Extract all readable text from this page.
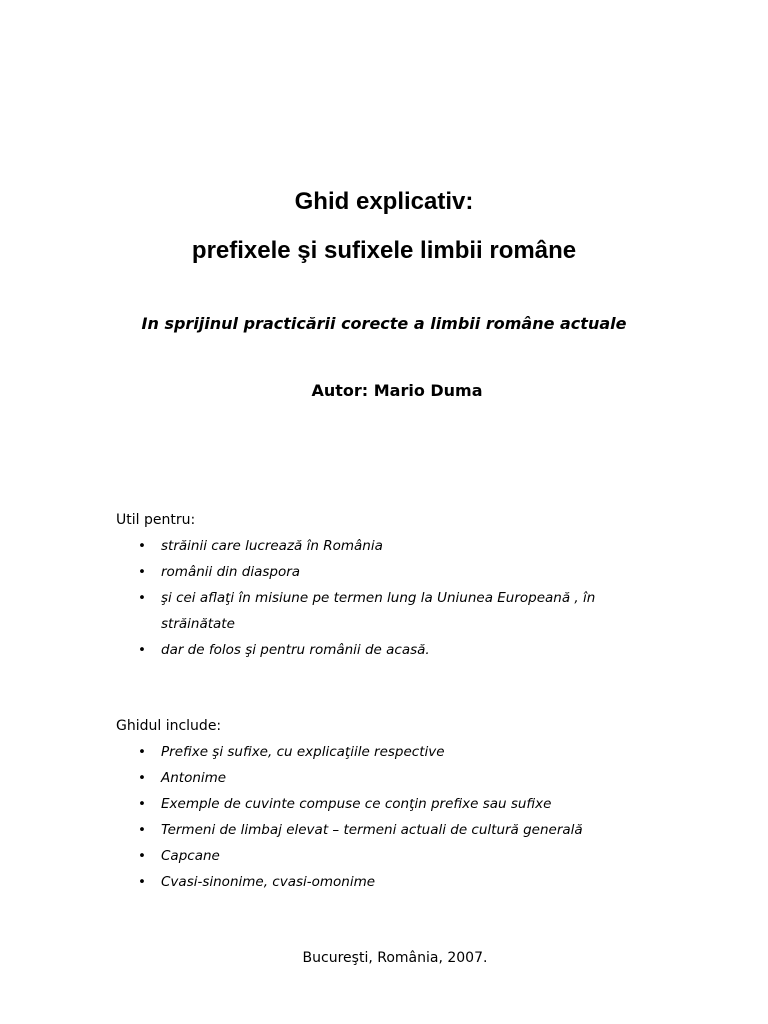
Ghid explicativ:
prefixele şi sufixele limbii române
In sprijinul practicării corecte a limbii române actuale
Autor: Mario Duma
Util pentru:
• străinii care lucrează în România
• românii din diaspora
• şi cei aflaţi în misiune pe termen lung la Uniunea Europeană , în străinătate
• dar de folos şi pentru românii de acasă.
Ghidul include:
• Prefixe şi sufixe, cu explicaţiile respective
• Antonime
• Exemple de cuvinte compuse ce conţin prefixe sau sufixe
• Termeni de limbaj elevat – termeni actuali de cultură generală
• Capcane
• Cvasi-sinonime, cvasi-omonime
Bucureşti, România, 2007.
